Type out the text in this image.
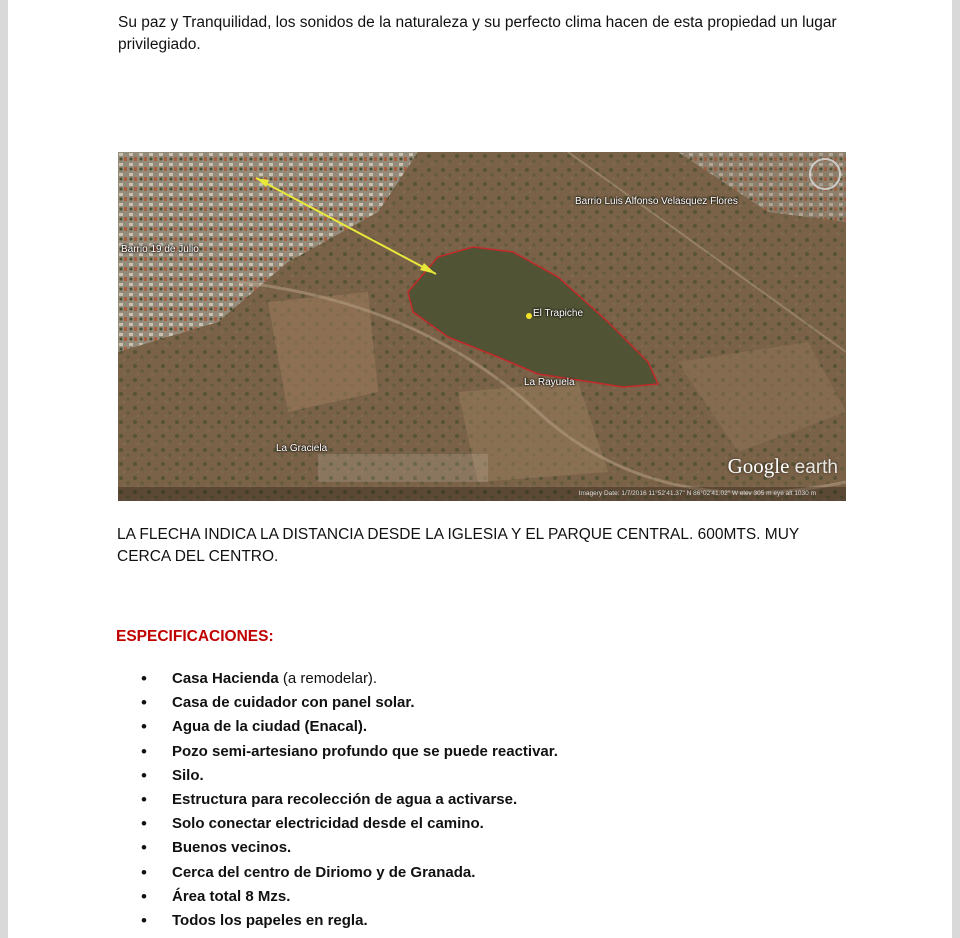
Su paz y Tranquilidad, los sonidos de la naturaleza y su perfecto clima hacen de esta propiedad un lugar privilegiado.

Barrio Luis Alfonso Velasquez Flores
Barrio 19 de Julio
El Trapiche
La Rayuela
La Graciela
Google earth
Imagery Date: 1/7/2016 11°52'41.37" N 86°02'41.02" W elev 305 m eye alt 1030 m

LA FLECHA INDICA LA DISTANCIA DESDE LA IGLESIA Y EL PARQUE CENTRAL. 600MTS. MUY CERCA DEL CENTRO.

ESPECIFICACIONES:
• Casa Hacienda (a remodelar).
• Casa de cuidador con panel solar.
• Agua de la ciudad (Enacal).
• Pozo semi-artesiano profundo que se puede reactivar.
• Silo.
• Estructura para recolección de agua a activarse.
• Solo conectar electricidad desde el camino.
• Buenos vecinos.
• Cerca del centro de Diriomo y de Granada.
• Área total 8 Mzs.
• Todos los papeles en regla.
